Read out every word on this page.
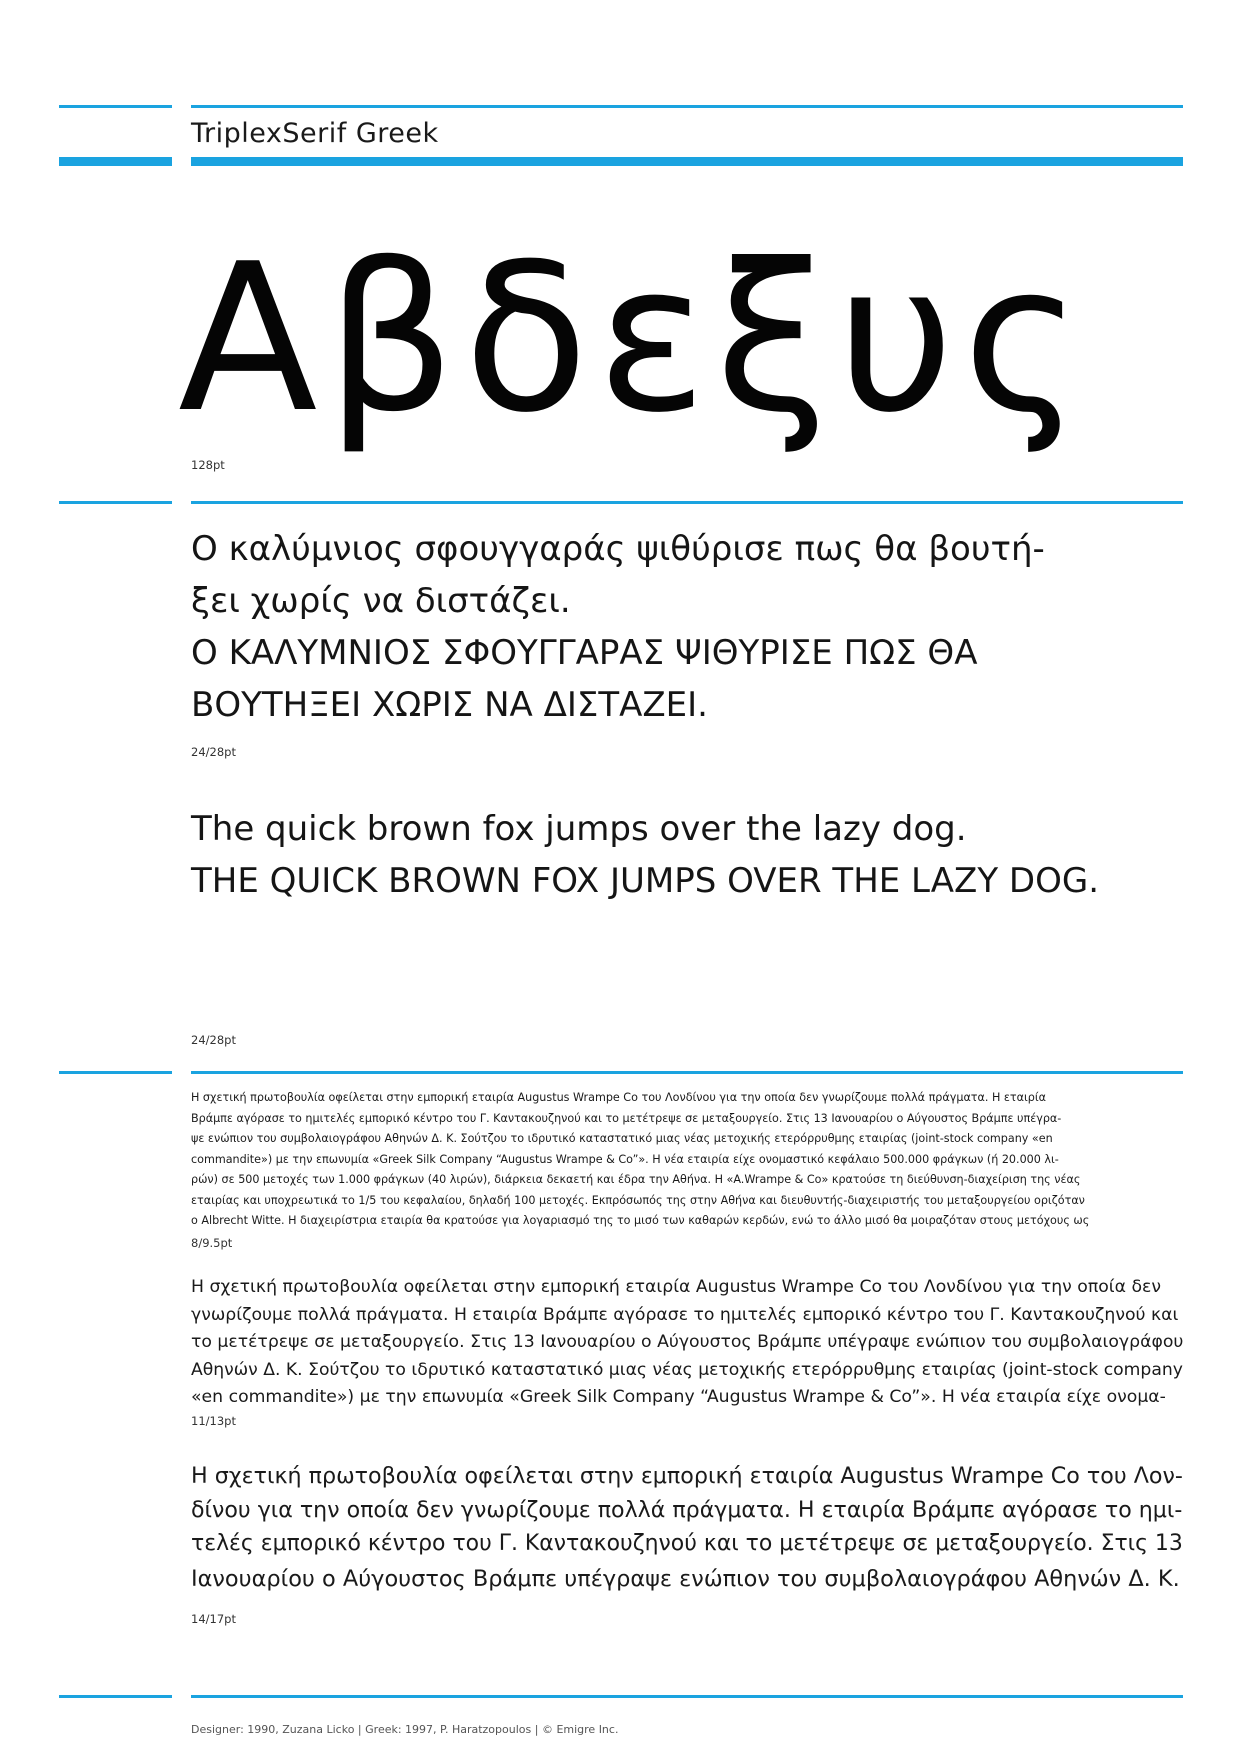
TriplexSerif Greek
Αβδεξυς
128pt
Ο καλύμνιος σφουγγαράς ψιθύρισε πως θα βουτή-
ξει χωρίς να διστάζει.
Ο ΚΑΛΥΜΝΙΟΣ ΣΦΟΥΓΓΑΡΑΣ ΨΙΘΥΡΙΣΕ ΠΩΣ ΘΑ
ΒΟΥΤΗΞΕΙ ΧΩΡΙΣ ΝΑ ΔΙΣΤΑΖΕΙ.
24/28pt
The quick brown fox jumps over the lazy dog.
THE QUICK BROWN FOX JUMPS OVER THE LAZY DOG.
24/28pt
Η σχετική πρωτοβουλία οφείλεται στην εμπορική εταιρία Augustus Wrampe Co του Λονδίνου για την οποία δεν γνωρίζουμε πολλά πράγματα. Η εταιρία
Βράμπε αγόρασε το ημιτελές εμπορικό κέντρο του Γ. Καντακουζηνού και το μετέτρεψε σε μεταξουργείο. Στις 13 Ιανουαρίου ο Αύγουστος Βράμπε υπέγρα-
ψε ενώπιον του συμβολαιογράφου Αθηνών Δ. Κ. Σούτζου το ιδρυτικό καταστατικό μιας νέας μετοχικής ετερόρρυθμης εταιρίας (joint-stock company «en
commandite») με την επωνυμία «Greek Silk Company “Augustus Wrampe & Co”». Η νέα εταιρία είχε ονομαστικό κεφάλαιο 500.000 φράγκων (ή 20.000 λι-
ρών) σε 500 μετοχές των 1.000 φράγκων (40 λιρών), διάρκεια δεκαετή και έδρα την Αθήνα. Η «A.Wrampe & Co» κρατούσε τη διεύθυνση-διαχείριση της νέας
εταιρίας και υποχρεωτικά το 1/5 του κεφαλαίου, δηλαδή 100 μετοχές. Εκπρόσωπός της στην Αθήνα και διευθυντής-διαχειριστής του μεταξουργείου οριζόταν
ο Albrecht Witte. Η διαχειρίστρια εταιρία θα κρατούσε για λογαριασμό της το μισό των καθαρών κερδών, ενώ το άλλο μισό θα μοιραζόταν στους μετόχους ως
8/9.5pt
Η σχετική πρωτοβουλία οφείλεται στην εμπορική εταιρία Augustus Wrampe Co του Λονδίνου για την οποία δεν
γνωρίζουμε πολλά πράγματα. Η εταιρία Βράμπε αγόρασε το ημιτελές εμπορικό κέντρο του Γ. Καντακουζηνού και
το μετέτρεψε σε μεταξουργείο. Στις 13 Ιανουαρίου ο Αύγουστος Βράμπε υπέγραψε ενώπιον του συμβολαιογράφου
Αθηνών Δ. Κ. Σούτζου το ιδρυτικό καταστατικό μιας νέας μετοχικής ετερόρρυθμης εταιρίας (joint-stock company
«en commandite») με την επωνυμία «Greek Silk Company “Augustus Wrampe & Co”». Η νέα εταιρία είχε ονομα-
11/13pt
Η σχετική πρωτοβουλία οφείλεται στην εμπορική εταιρία Augustus Wrampe Co του Λον-
δίνου για την οποία δεν γνωρίζουμε πολλά πράγματα. Η εταιρία Βράμπε αγόρασε το ημι-
τελές εμπορικό κέντρο του Γ. Καντακουζηνού και το μετέτρεψε σε μεταξουργείο. Στις 13
Ιανουαρίου ο Αύγουστος Βράμπε υπέγραψε ενώπιον του συμβολαιογράφου Αθηνών Δ. Κ.
14/17pt
Designer: 1990, Zuzana Licko | Greek: 1997, P. Haratzopoulos | © Emigre Inc.
